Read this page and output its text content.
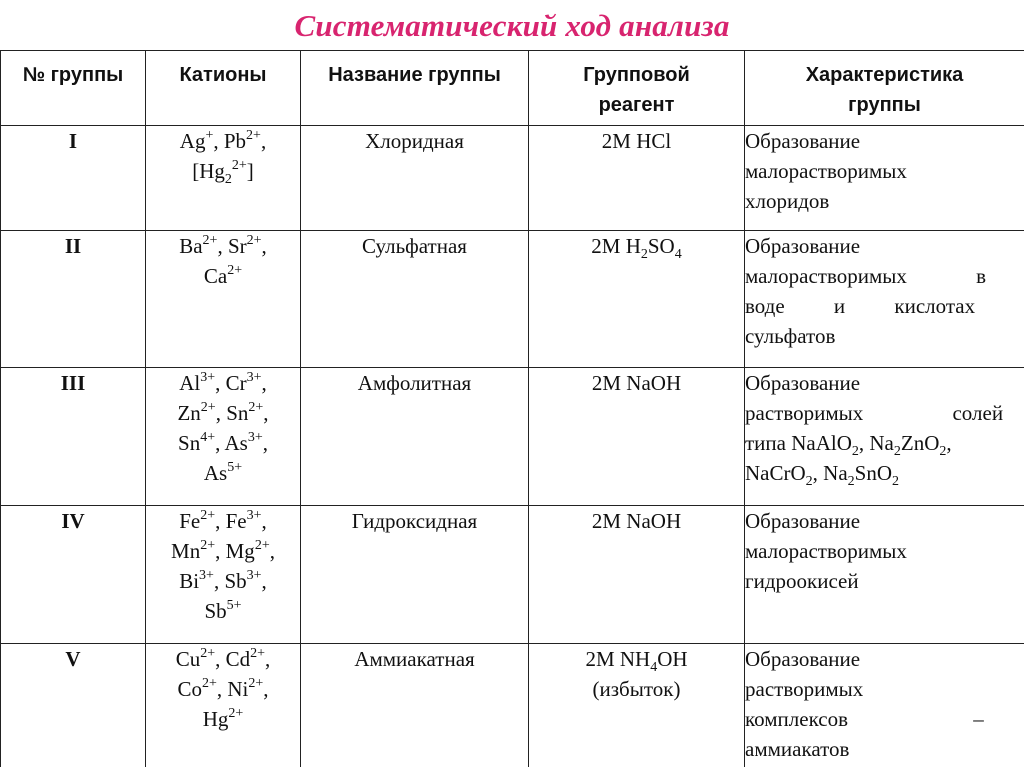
Систематический ход анализа
№ группы	Катионы	Название группы	Групповой
реагент	Характеристика
группы

I	Ag+, $Pb^{2+}$,
$[Hg_2^{2+}]$	Хлоридная	2M HCl	Образование
малорастворимых
хлоридов

II	$Ba^{2+}$, $Sr^{2+}$,
$Ca^{2+}$	Сульфатная	2M $H_2SO_4$	Образование
малорастворимых в
воде и кислотах
сульфатов

III	$Al^{3+}$, $Cr^{3+}$,
$Zn^{2+}$, $Sn^{2+}$,
$Sn^{4+}$, $As^{3+}$,
$As^{5+}$	Амфолитная	2M NaOH	Образование
растворимых солей
типа NaAlO$_2$, $Na_2ZnO_2$,
NaCrO$_2$, $Na_2SnO_2$

IV	$Fe^{2+}$, $Fe^{3+}$,
$Mn^{2+}$, $Mg^{2+}$,
$Bi^{3+}$, $Sb^{3+}$,
$Sb^{5+}$	Гидроксидная	2M NaOH	Образование
малорастворимых
гидроокисей

V	$Cu^{2+}$, $Cd^{2+}$,
$Co^{2+}$, $Ni^{2+}$,
$Hg^{2+}$	Аммиакатная	2M $NH_4OH$
(избыток)	Образование
растворимых
комплексов –
аммиакатов
